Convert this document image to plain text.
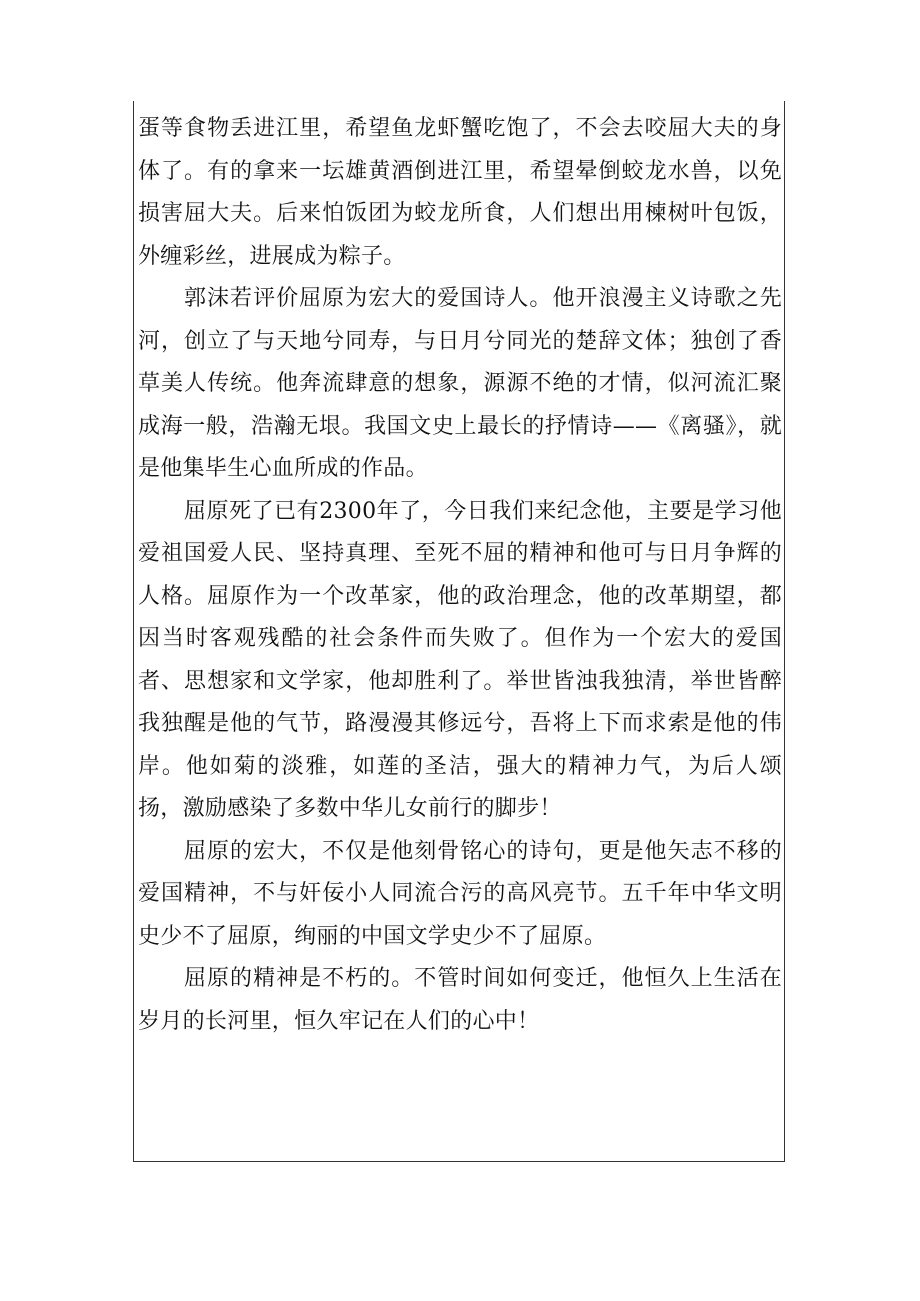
蛋等食物丢进江里，希望鱼龙虾蟹吃饱了，不会去咬屈大夫的身体了。有的拿来一坛雄黄酒倒进江里，希望晕倒蛟龙水兽，以免损害屈大夫。后来怕饭团为蛟龙所食，人们想出用楝树叶包饭，外缠彩丝，进展成为粽子。

郭沫若评价屈原为宏大的爱国诗人。他开浪漫主义诗歌之先河，创立了与天地兮同寿，与日月兮同光的楚辞文体；独创了香草美人传统。他奔流肆意的想象，源源不绝的才情，似河流汇聚成海一般，浩瀚无垠。我国文史上最长的抒情诗——《离骚》，就是他集毕生心血所成的作品。

屈原死了已有2300年了，今日我们来纪念他，主要是学习他爱祖国爱人民、坚持真理、至死不屈的精神和他可与日月争辉的人格。屈原作为一个改革家，他的政治理念，他的改革期望，都因当时客观残酷的社会条件而失败了。但作为一个宏大的爱国者、思想家和文学家，他却胜利了。举世皆浊我独清，举世皆醉我独醒是他的气节，路漫漫其修远兮，吾将上下而求索是他的伟岸。他如菊的淡雅，如莲的圣洁，强大的精神力气，为后人颂扬，激励感染了多数中华儿女前行的脚步！

屈原的宏大，不仅是他刻骨铭心的诗句，更是他矢志不移的爱国精神，不与奸佞小人同流合污的高风亮节。五千年中华文明史少不了屈原，绚丽的中国文学史少不了屈原。

屈原的精神是不朽的。不管时间如何变迁，他恒久上生活在岁月的长河里，恒久牢记在人们的心中！
